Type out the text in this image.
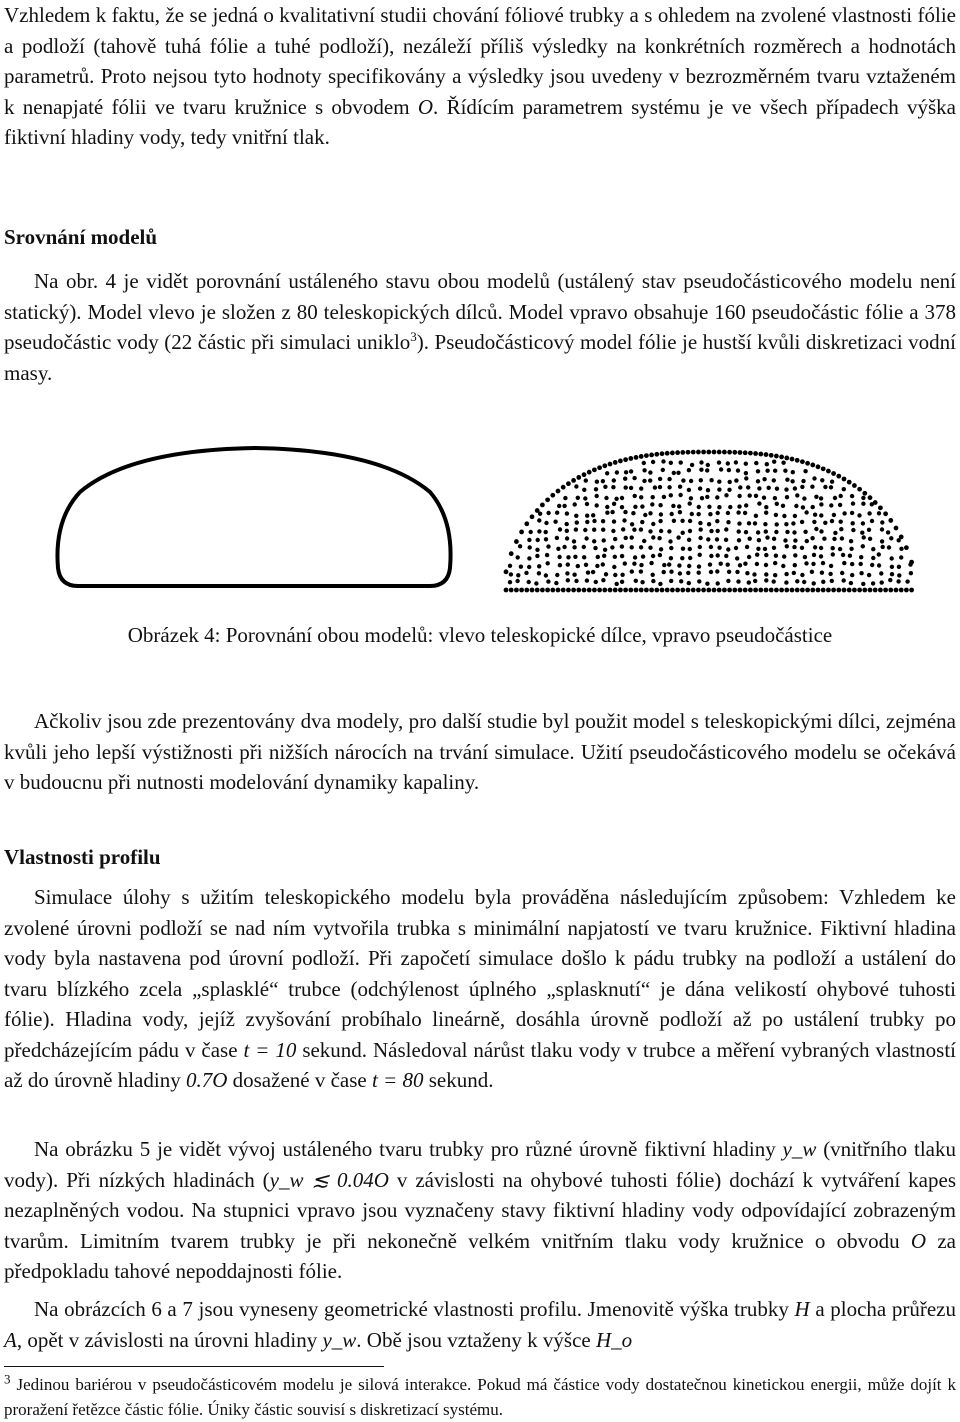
Vzhledem k faktu, že se jedná o kvalitativní studii chování fóliové trubky a s ohledem na zvolené vlastnosti fólie a podloží (tahově tuhá fólie a tuhé podloží), nezáleží příliš výsledky na konkrétních rozměrech a hodnotách parametrů. Proto nejsou tyto hodnoty specifikovány a výsledky jsou uvedeny v bezrozměrném tvaru vztaženém k nenapjaté fólii ve tvaru kružnice s obvodem O. Řídícím parametrem systému je ve všech případech výška fiktivní hladiny vody, tedy vnitřní tlak.

Srovnání modelů

Na obr. 4 je vidět porovnání ustáleného stavu obou modelů (ustálený stav pseudočásticového modelu není statický). Model vlevo je složen z 80 teleskopických dílců. Model vpravo obsahuje 160 pseudočástic fólie a 378 pseudočástic vody (22 částic při simulaci uniklo$^3$). Pseudočásticový model fólie je hustší kvůli diskretizaci vodní masy.

Obrázek 4: Porovnání obou modelů: vlevo teleskopické dílce, vpravo pseudočástice

Ačkoliv jsou zde prezentovány dva modely, pro další studie byl použit model s teleskopickými dílci, zejména kvůli jeho lepší výstižnosti při nižších nárocích na trvání simulace. Užití pseudočásticového modelu se očekává v budoucnu při nutnosti modelování dynamiky kapaliny.

Vlastnosti profilu

Simulace úlohy s užitím teleskopického modelu byla prováděna následujícím způsobem: Vzhledem ke zvolené úrovni podloží se nad ním vytvořila trubka s minimální napjatostí ve tvaru kružnice. Fiktivní hladina vody byla nastavena pod úrovní podloží. Při započetí simulace došlo k pádu trubky na podloží a ustálení do tvaru blízkého zcela „splasklé“ trubce (odchýlenost úplného „splasknutí“ je dána velikostí ohybové tuhosti fólie). Hladina vody, jejíž zvyšování probíhalo lineárně, dosáhla úrovně podloží až po ustálení trubky po předcházejícím pádu v čase t = 10 sekund. Následoval nárůst tlaku vody v trubce a měření vybraných vlastností až do úrovně hladiny 0.7O dosažené v čase t = 80 sekund.

Na obrázku 5 je vidět vývoj ustáleného tvaru trubky pro různé úrovně fiktivní hladiny y_w (vnitřního tlaku vody). Při nízkých hladinách (y_w ≲ 0.04O v závislosti na ohybové tuhosti fólie) dochází k vytváření kapes nezaplněných vodou. Na stupnici vpravo jsou vyznačeny stavy fiktivní hladiny vody odpovídající zobrazeným tvarům. Limitním tvarem trubky je při nekonečně velkém vnitřním tlaku vody kružnice o obvodu O za předpokladu tahové nepoddajnosti fólie.

Na obrázcích 6 a 7 jsou vyneseny geometrické vlastnosti profilu. Jmenovitě výška trubky H a plocha průřezu A, opět v závislosti na úrovni hladiny y_w. Obě jsou vztaženy k výšce H_o

$^3$ Jedinou bariérou v pseudočásticovém modelu je silová interakce. Pokud má částice vody dostatečnou kinetickou energii, může dojít k proražení řetězce částic fólie. Úniky částic souvisí s diskretizací systému.
